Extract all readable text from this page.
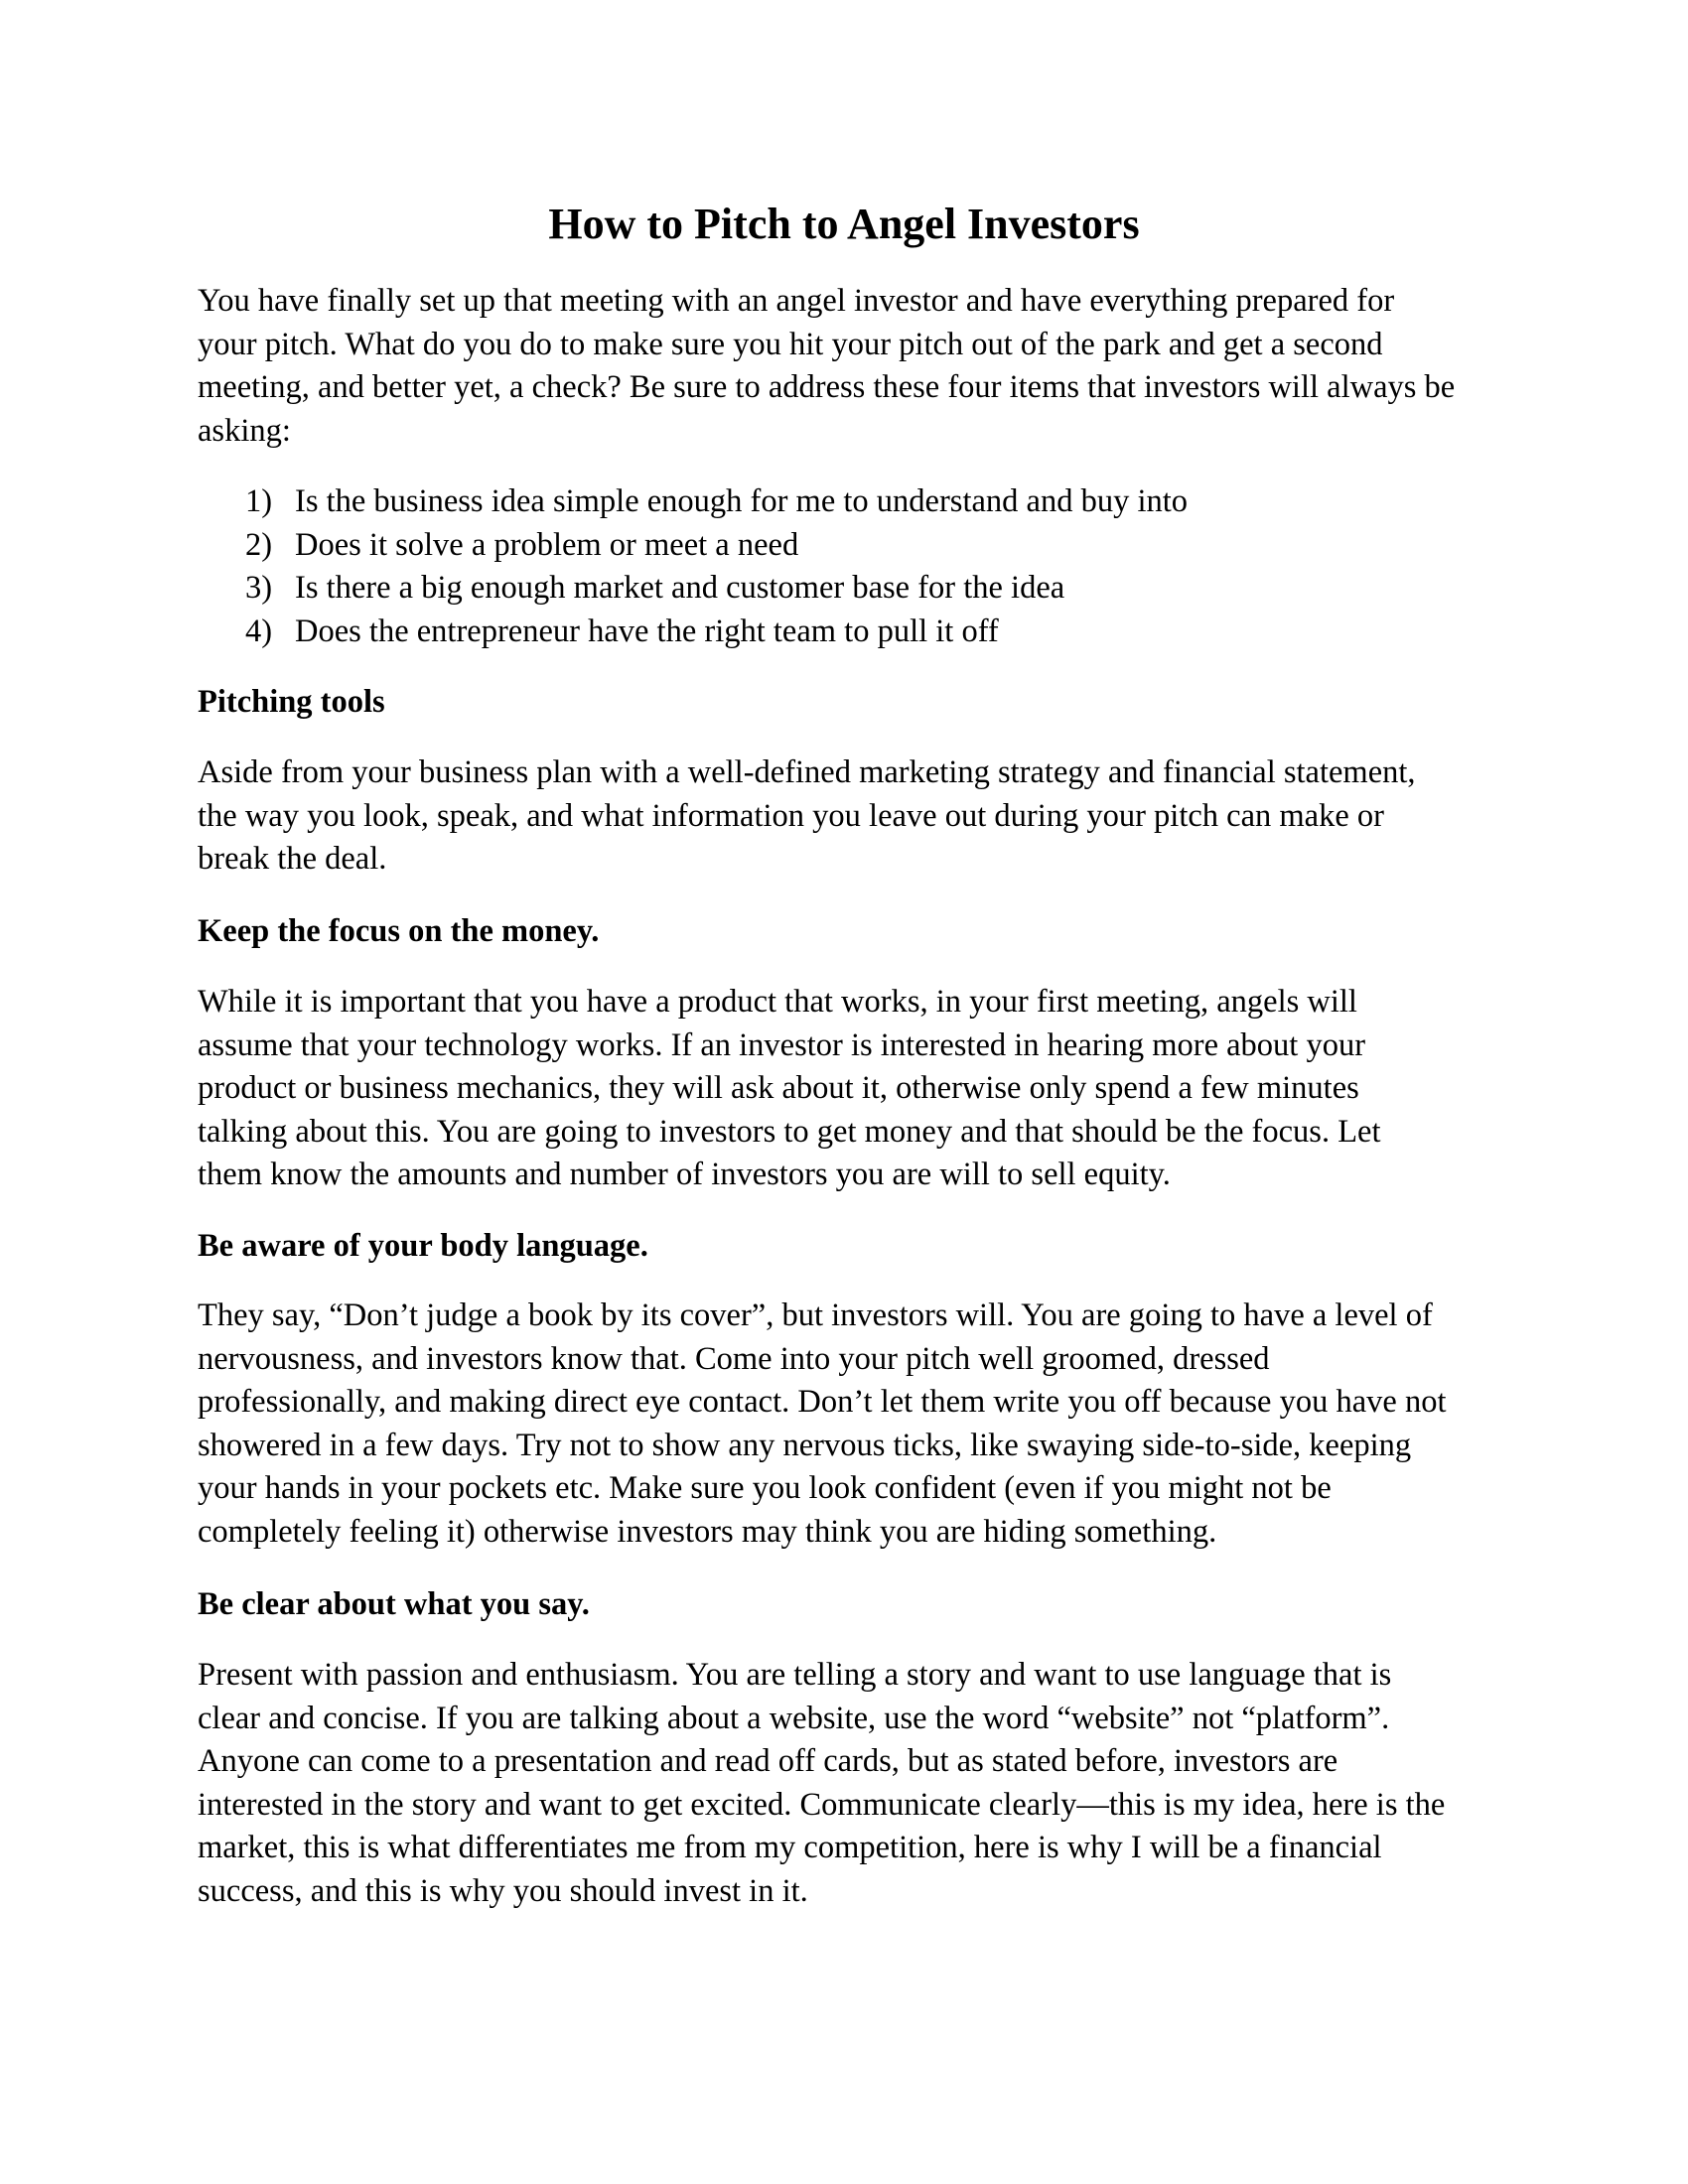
How to Pitch to Angel Investors
You have finally set up that meeting with an angel investor and have everything prepared for
your pitch. What do you do to make sure you hit your pitch out of the park and get a second
meeting, and better yet, a check? Be sure to address these four items that investors will always be
asking:
1) Is the business idea simple enough for me to understand and buy into
2) Does it solve a problem or meet a need
3) Is there a big enough market and customer base for the idea
4) Does the entrepreneur have the right team to pull it off
Pitching tools
Aside from your business plan with a well-defined marketing strategy and financial statement,
the way you look, speak, and what information you leave out during your pitch can make or
break the deal.
Keep the focus on the money.
While it is important that you have a product that works, in your first meeting, angels will
assume that your technology works. If an investor is interested in hearing more about your
product or business mechanics, they will ask about it, otherwise only spend a few minutes
talking about this. You are going to investors to get money and that should be the focus. Let
them know the amounts and number of investors you are will to sell equity.
Be aware of your body language.
They say, “Don’t judge a book by its cover”, but investors will. You are going to have a level of
nervousness, and investors know that. Come into your pitch well groomed, dressed
professionally, and making direct eye contact. Don’t let them write you off because you have not
showered in a few days. Try not to show any nervous ticks, like swaying side-to-side, keeping
your hands in your pockets etc. Make sure you look confident (even if you might not be
completely feeling it) otherwise investors may think you are hiding something.
Be clear about what you say.
Present with passion and enthusiasm. You are telling a story and want to use language that is
clear and concise. If you are talking about a website, use the word “website” not “platform”.
Anyone can come to a presentation and read off cards, but as stated before, investors are
interested in the story and want to get excited. Communicate clearly—this is my idea, here is the
market, this is what differentiates me from my competition, here is why I will be a financial
success, and this is why you should invest in it.
